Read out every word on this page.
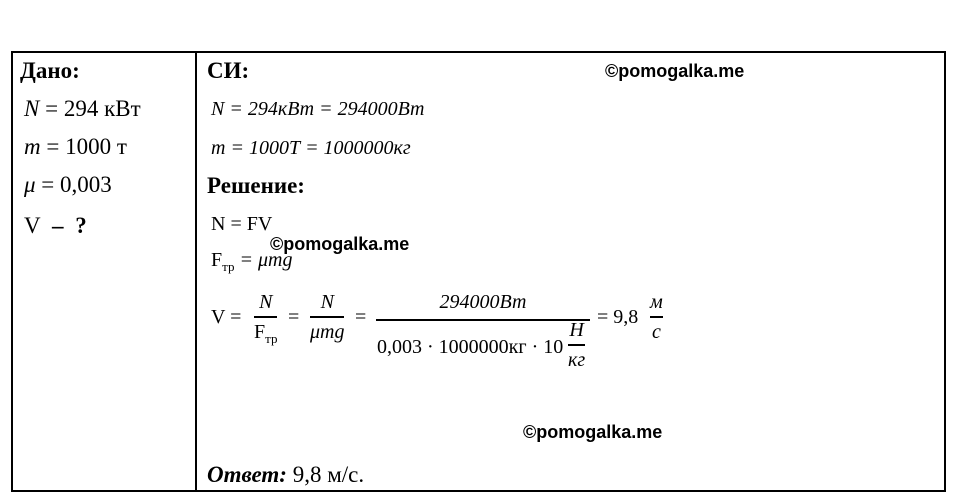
Дано:
N = 294 кВт
m = 1000 т
μ = 0,003
V – ?
СИ:
N = 294кВт = 294000Вт
m = 1000Т = 1000000кг
Решение:
N = FV
$F_{тр} = \mu mg$
V =
N
$F_{тр}$
=
N
μmg
=
294000Вт
0,003 · 1000000кг · 10
Н
кг
= 9,8
м
с
Ответ: 9,8 м/с.
©pomogalka.me
©pomogalka.me
©pomogalka.me
